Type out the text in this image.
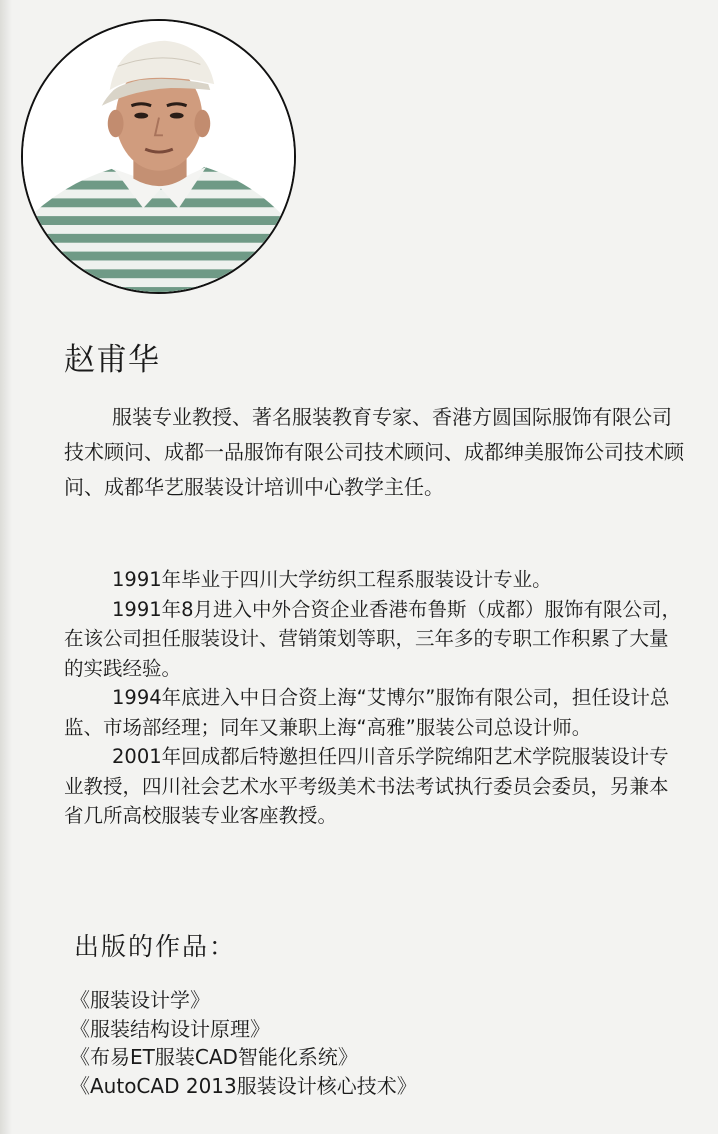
赵甫华
服装专业教授、著名服装教育专家、香港方圆国际服饰有限公司技术顾问、成都一品服饰有限公司技术顾问、成都绅美服饰公司技术顾问、成都华艺服装设计培训中心教学主任。

1991年毕业于四川大学纺织工程系服装设计专业。

1991年8月进入中外合资企业香港布鲁斯（成都）服饰有限公司，在该公司担任服装设计、营销策划等职，三年多的专职工作积累了大量的实践经验。

1994年底进入中日合资上海“艾博尔”服饰有限公司，担任设计总监、市场部经理；同年又兼职上海“高雅”服装公司总设计师。

2001年回成都后特邀担任四川音乐学院绵阳艺术学院服装设计专业教授，四川社会艺术水平考级美术书法考试执行委员会委员，另兼本省几所高校服装专业客座教授。

出版的作品：
《服装设计学》
《服装结构设计原理》
《布易ET服装CAD智能化系统》
《AutoCAD 2013服装设计核心技术》
